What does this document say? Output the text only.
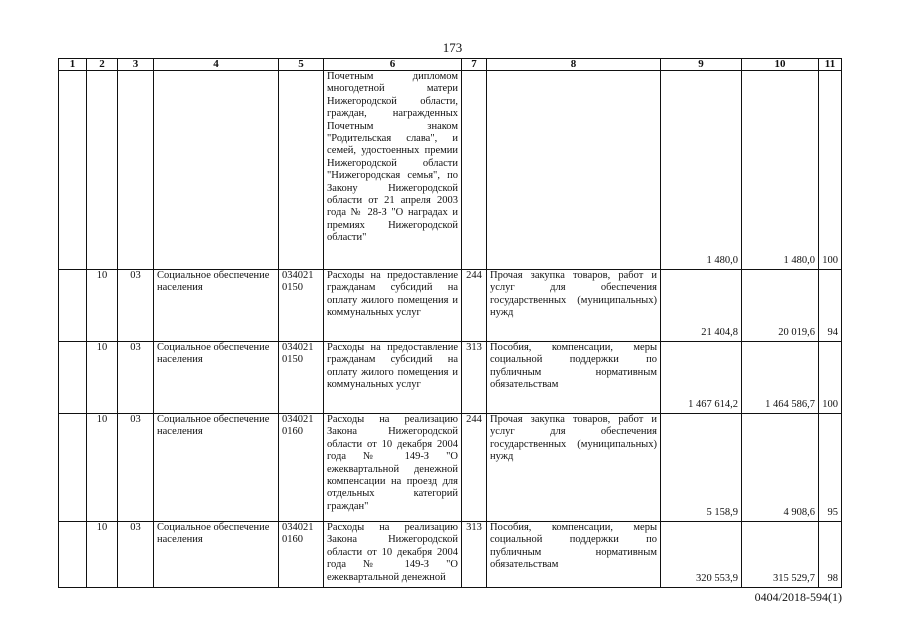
173
1	2	3	4	5	6	7	8	9	10	11
					Почетным дипломом многодетной матери Нижегородской области, граждан, награжденных Почетным знаком "Родительская слава", и семей, удостоенных премии Нижегородской области "Нижегородская семья", по Закону Нижегородской области от 21 апреля 2003 года № 28-З "О наградах и премиях Нижегородской области"			1 480,0	1 480,0	100
	10	03	Социальное обеспечение населения	034021
0150	Расходы на предоставление гражданам субсидий на оплату жилого помещения и коммунальных услуг	244	Прочая закупка товаров, работ и услуг для обеспечения государственных (муниципальных) нужд	21 404,8	20 019,6	94
	10	03	Социальное обеспечение населения	034021
0150	Расходы на предоставление гражданам субсидий на оплату жилого помещения и коммунальных услуг	313	Пособия, компенсации, меры социальной поддержки по публичным нормативным обязательствам	1 467 614,2	1 464 586,7	100
	10	03	Социальное обеспечение населения	034021
0160	Расходы на реализацию Закона Нижегородской области от 10 декабря 2004 года № 149-З "О ежеквартальной денежной компенсации на проезд для отдельных категорий граждан"	244	Прочая закупка товаров, работ и услуг для обеспечения государственных (муниципальных) нужд	5 158,9	4 908,6	95
	10	03	Социальное обеспечение населения	034021
0160	Расходы на реализацию Закона Нижегородской области от 10 декабря 2004 года № 149-З "О ежеквартальной денежной	313	Пособия, компенсации, меры социальной поддержки по публичным нормативным обязательствам	320 553,9	315 529,7	98
0404/2018-594(1)
